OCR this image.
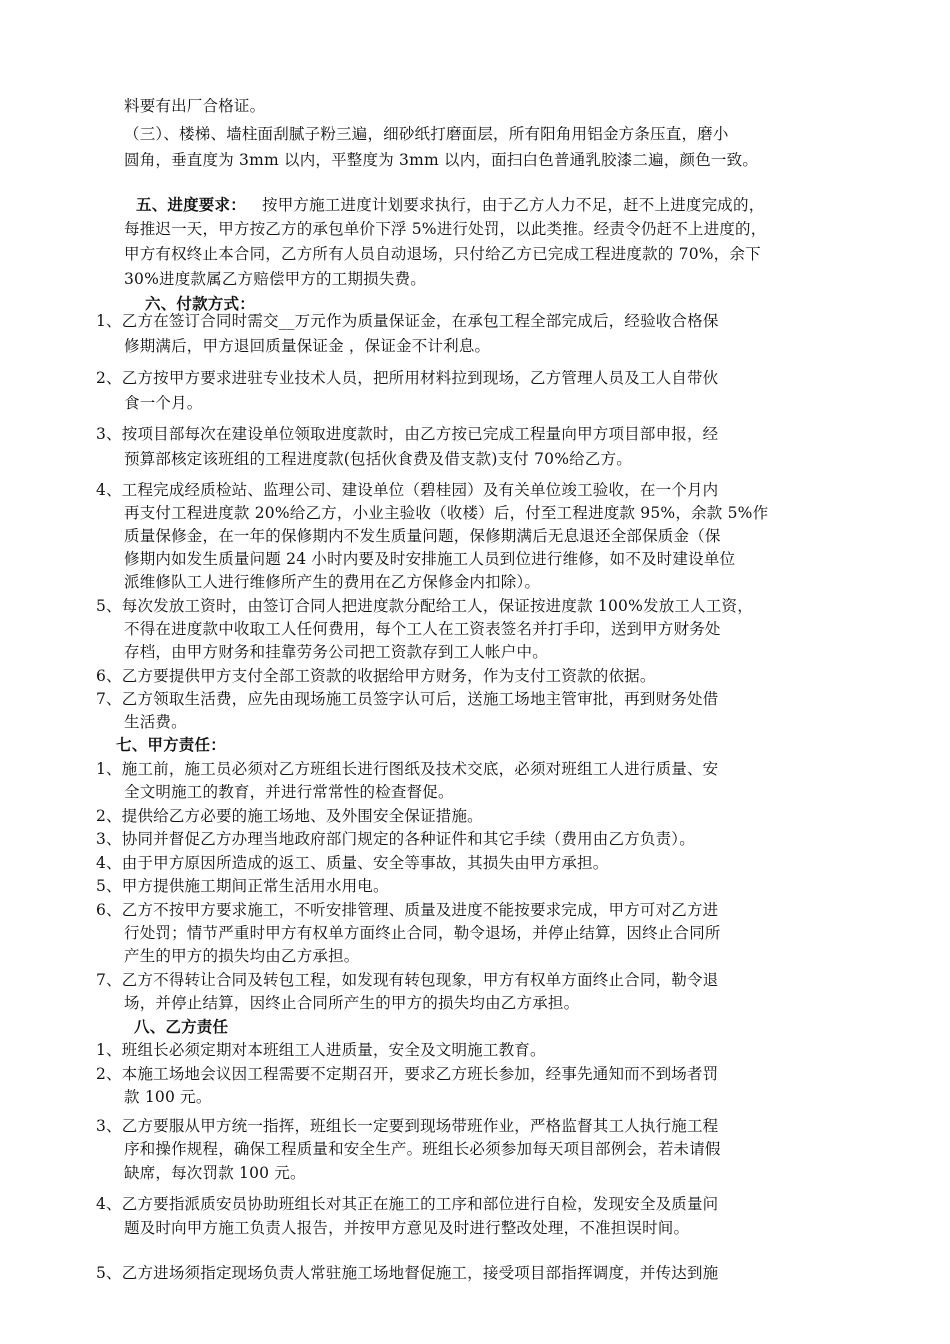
料要有出厂合格证。

（三）、楼梯、墙柱面刮腻子粉三遍，细砂纸打磨面层，所有阳角用铝金方条压直，磨小

圆角，垂直度为 3mm 以内，平整度为 3mm 以内，面扫白色普通乳胶漆二遍，颜色一致。

五、进度要求： 按甲方施工进度计划要求执行，由于乙方人力不足，赶不上进度完成的，

每推迟一天，甲方按乙方的承包单价下浮 5%进行处罚，以此类推。经责令仍赶不上进度的，

甲方有权终止本合同，乙方所有人员自动退场，只付给乙方已完成工程进度款的 70%，余下

30%进度款属乙方赔偿甲方的工期损失费。

六、付款方式：

1、乙方在签订合同时需交__万元作为质量保证金，在承包工程全部完成后，经验收合格保

修期满后，甲方退回质量保证金 ，保证金不计利息。

2、乙方按甲方要求进驻专业技术人员，把所用材料拉到现场，乙方管理人员及工人自带伙

食一个月。

3、按项目部每次在建设单位领取进度款时，由乙方按已完成工程量向甲方项目部申报，经

预算部核定该班组的工程进度款(包括伙食费及借支款)支付 70%给乙方。

4、工程完成经质检站、监理公司、建设单位（碧桂园）及有关单位竣工验收，在一个月内

再支付工程进度款 20%给乙方，小业主验收（收楼）后，付至工程进度款 95%，余款 5%作

质量保修金，在一年的保修期内不发生质量问题，保修期满后无息退还全部保质金（保

修期内如发生质量问题 24 小时内要及时安排施工人员到位进行维修，如不及时建设单位

派维修队工人进行维修所产生的费用在乙方保修金内扣除）。

5、每次发放工资时，由签订合同人把进度款分配给工人，保证按进度款 100%发放工人工资，

不得在进度款中收取工人任何费用，每个工人在工资表签名并打手印，送到甲方财务处

存档，由甲方财务和挂靠劳务公司把工资款存到工人帐户中。

6、乙方要提供甲方支付全部工资款的收据给甲方财务，作为支付工资款的依据。

7、乙方领取生活费，应先由现场施工员签字认可后，送施工场地主管审批，再到财务处借

生活费。

七、甲方责任：

1、施工前，施工员必须对乙方班组长进行图纸及技术交底，必须对班组工人进行质量、安

全文明施工的教育，并进行常常性的检查督促。

2、提供给乙方必要的施工场地、及外围安全保证措施。

3、协同并督促乙方办理当地政府部门规定的各种证件和其它手续（费用由乙方负责）。

4、由于甲方原因所造成的返工、质量、安全等事故，其损失由甲方承担。

5、甲方提供施工期间正常生活用水用电。

6、乙方不按甲方要求施工，不听安排管理、质量及进度不能按要求完成，甲方可对乙方进

行处罚；情节严重时甲方有权单方面终止合同，勒令退场，并停止结算，因终止合同所

产生的甲方的损失均由乙方承担。

7、乙方不得转让合同及转包工程，如发现有转包现象，甲方有权单方面终止合同，勒令退

场，并停止结算，因终止合同所产生的甲方的损失均由乙方承担。

八、乙方责任

1、班组长必须定期对本班组工人进质量，安全及文明施工教育。

2、本施工场地会议因工程需要不定期召开，要求乙方班长参加，经事先通知而不到场者罚

款 100 元。

3、乙方要服从甲方统一指挥，班组长一定要到现场带班作业，严格监督其工人执行施工程

序和操作规程，确保工程质量和安全生产。班组长必须参加每天项目部例会，若未请假

缺席，每次罚款 100 元。

4、乙方要指派质安员协助班组长对其正在施工的工序和部位进行自检，发现安全及质量问

题及时向甲方施工负责人报告，并按甲方意见及时进行整改处理，不准担误时间。

5、乙方进场须指定现场负责人常驻施工场地督促施工，接受项目部指挥调度，并传达到施
